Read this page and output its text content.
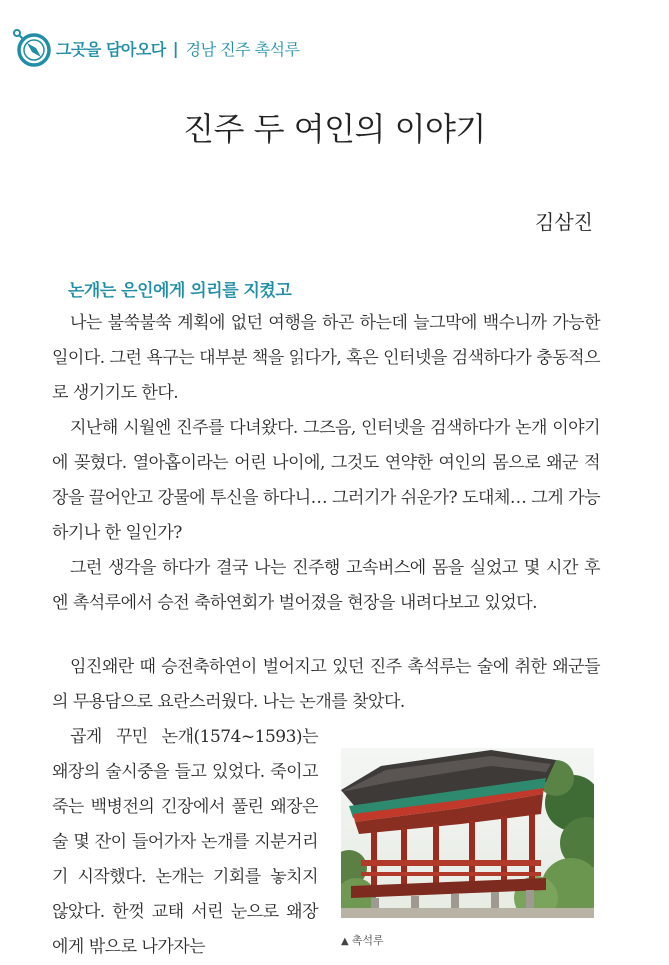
그곳을 담아오다 | 경남 진주 촉석루
진주 두 여인의 이야기
김삼진
논개는 은인에게 의리를 지켰고

나는 불쑥불쑥 계획에 없던 여행을 하곤 하는데 늘그막에 백수니까 가능한 일이다. 그런 욕구는 대부분 책을 읽다가, 혹은 인터넷을 검색하다가 충동적으로 생기기도 한다.

지난해 시월엔 진주를 다녀왔다. 그즈음, 인터넷을 검색하다가 논개 이야기에 꽂혔다. 열아홉이라는 어린 나이에, 그것도 연약한 여인의 몸으로 왜군 적장을 끌어안고 강물에 투신을 하다니… 그러기가 쉬운가? 도대체… 그게 가능하기나 한 일인가?

그런 생각을 하다가 결국 나는 진주행 고속버스에 몸을 실었고 몇 시간 후엔 촉석루에서 승전 축하연회가 벌어졌을 현장을 내려다보고 있었다.

임진왜란 때 승전축하연이 벌어지고 있던 진주 촉석루는 술에 취한 왜군들의 무용담으로 요란스러웠다. 나는 논개를 찾았다.

곱게 꾸민 논개(1574~1593)는 왜장의 술시중을 들고 있었다. 죽이고 죽는 백병전의 긴장에서 풀린 왜장은 술 몇 잔이 들어가자 논개를 지분거리기 시작했다. 논개는 기회를 놓치지 않았다. 한껏 교태 서린 눈으로 왜장에게 밖으로 나가자는	▲ 촉석루
